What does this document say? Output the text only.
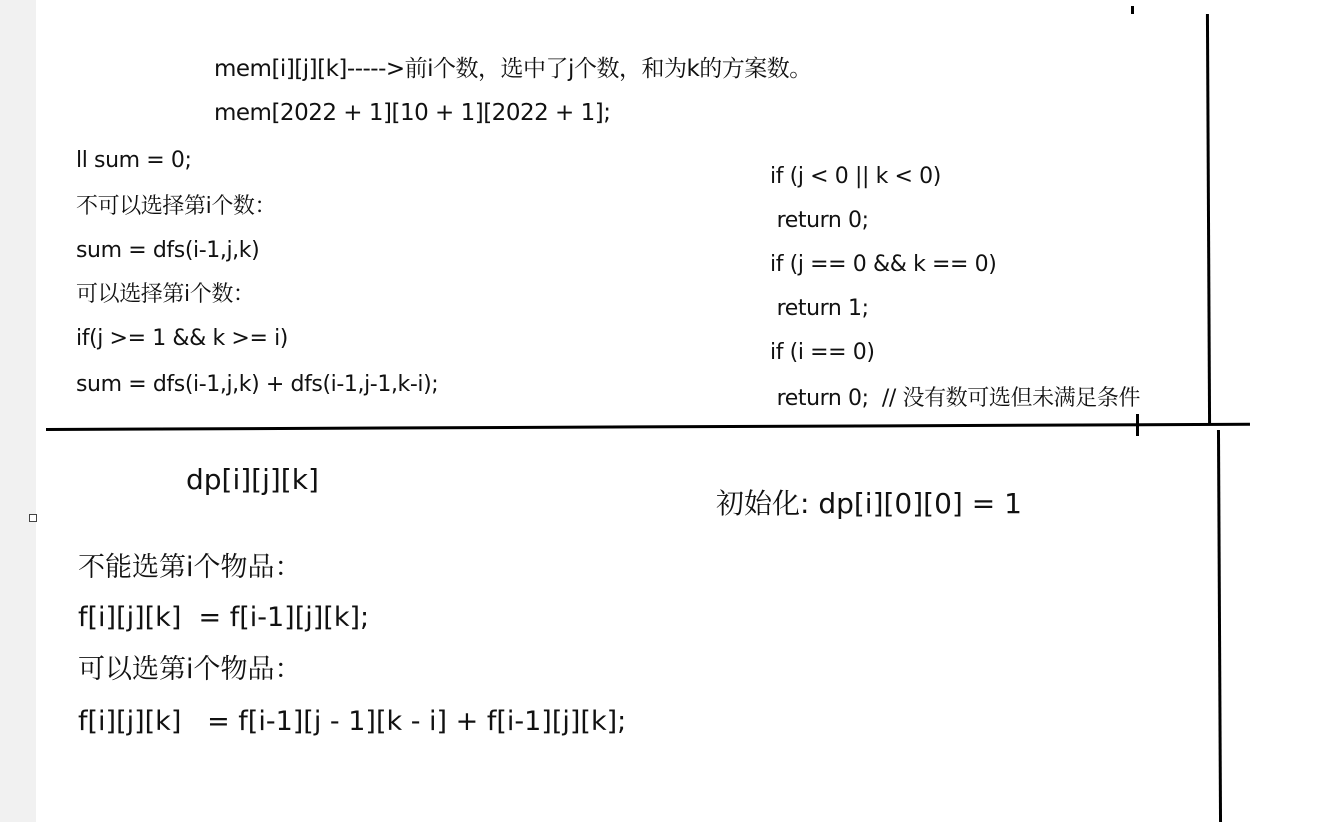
mem[i][j][k]----->前i个数，选中了j个数，和为k的方案数。
mem[2022 + 1][10 + 1][2022 + 1];
ll sum = 0;
不可以选择第i个数：
sum = dfs(i-1,j,k)
可以选择第i个数：
if(j >= 1 && k >= i)
sum = dfs(i-1,j,k) + dfs(i-1,j-1,k-i);
if (j < 0 || k < 0)
return 0;
if (j == 0 && k == 0)
return 1;
if (i == 0)
return 0;  // 没有数可选但未满足条件
dp[i][j][k]
初始化: dp[i][0][0] = 1
不能选第i个物品：
f[i][j][k]  = f[i-1][j][k];
可以选第i个物品：
f[i][j][k]   = f[i-1][j - 1][k - i] + f[i-1][j][k];
